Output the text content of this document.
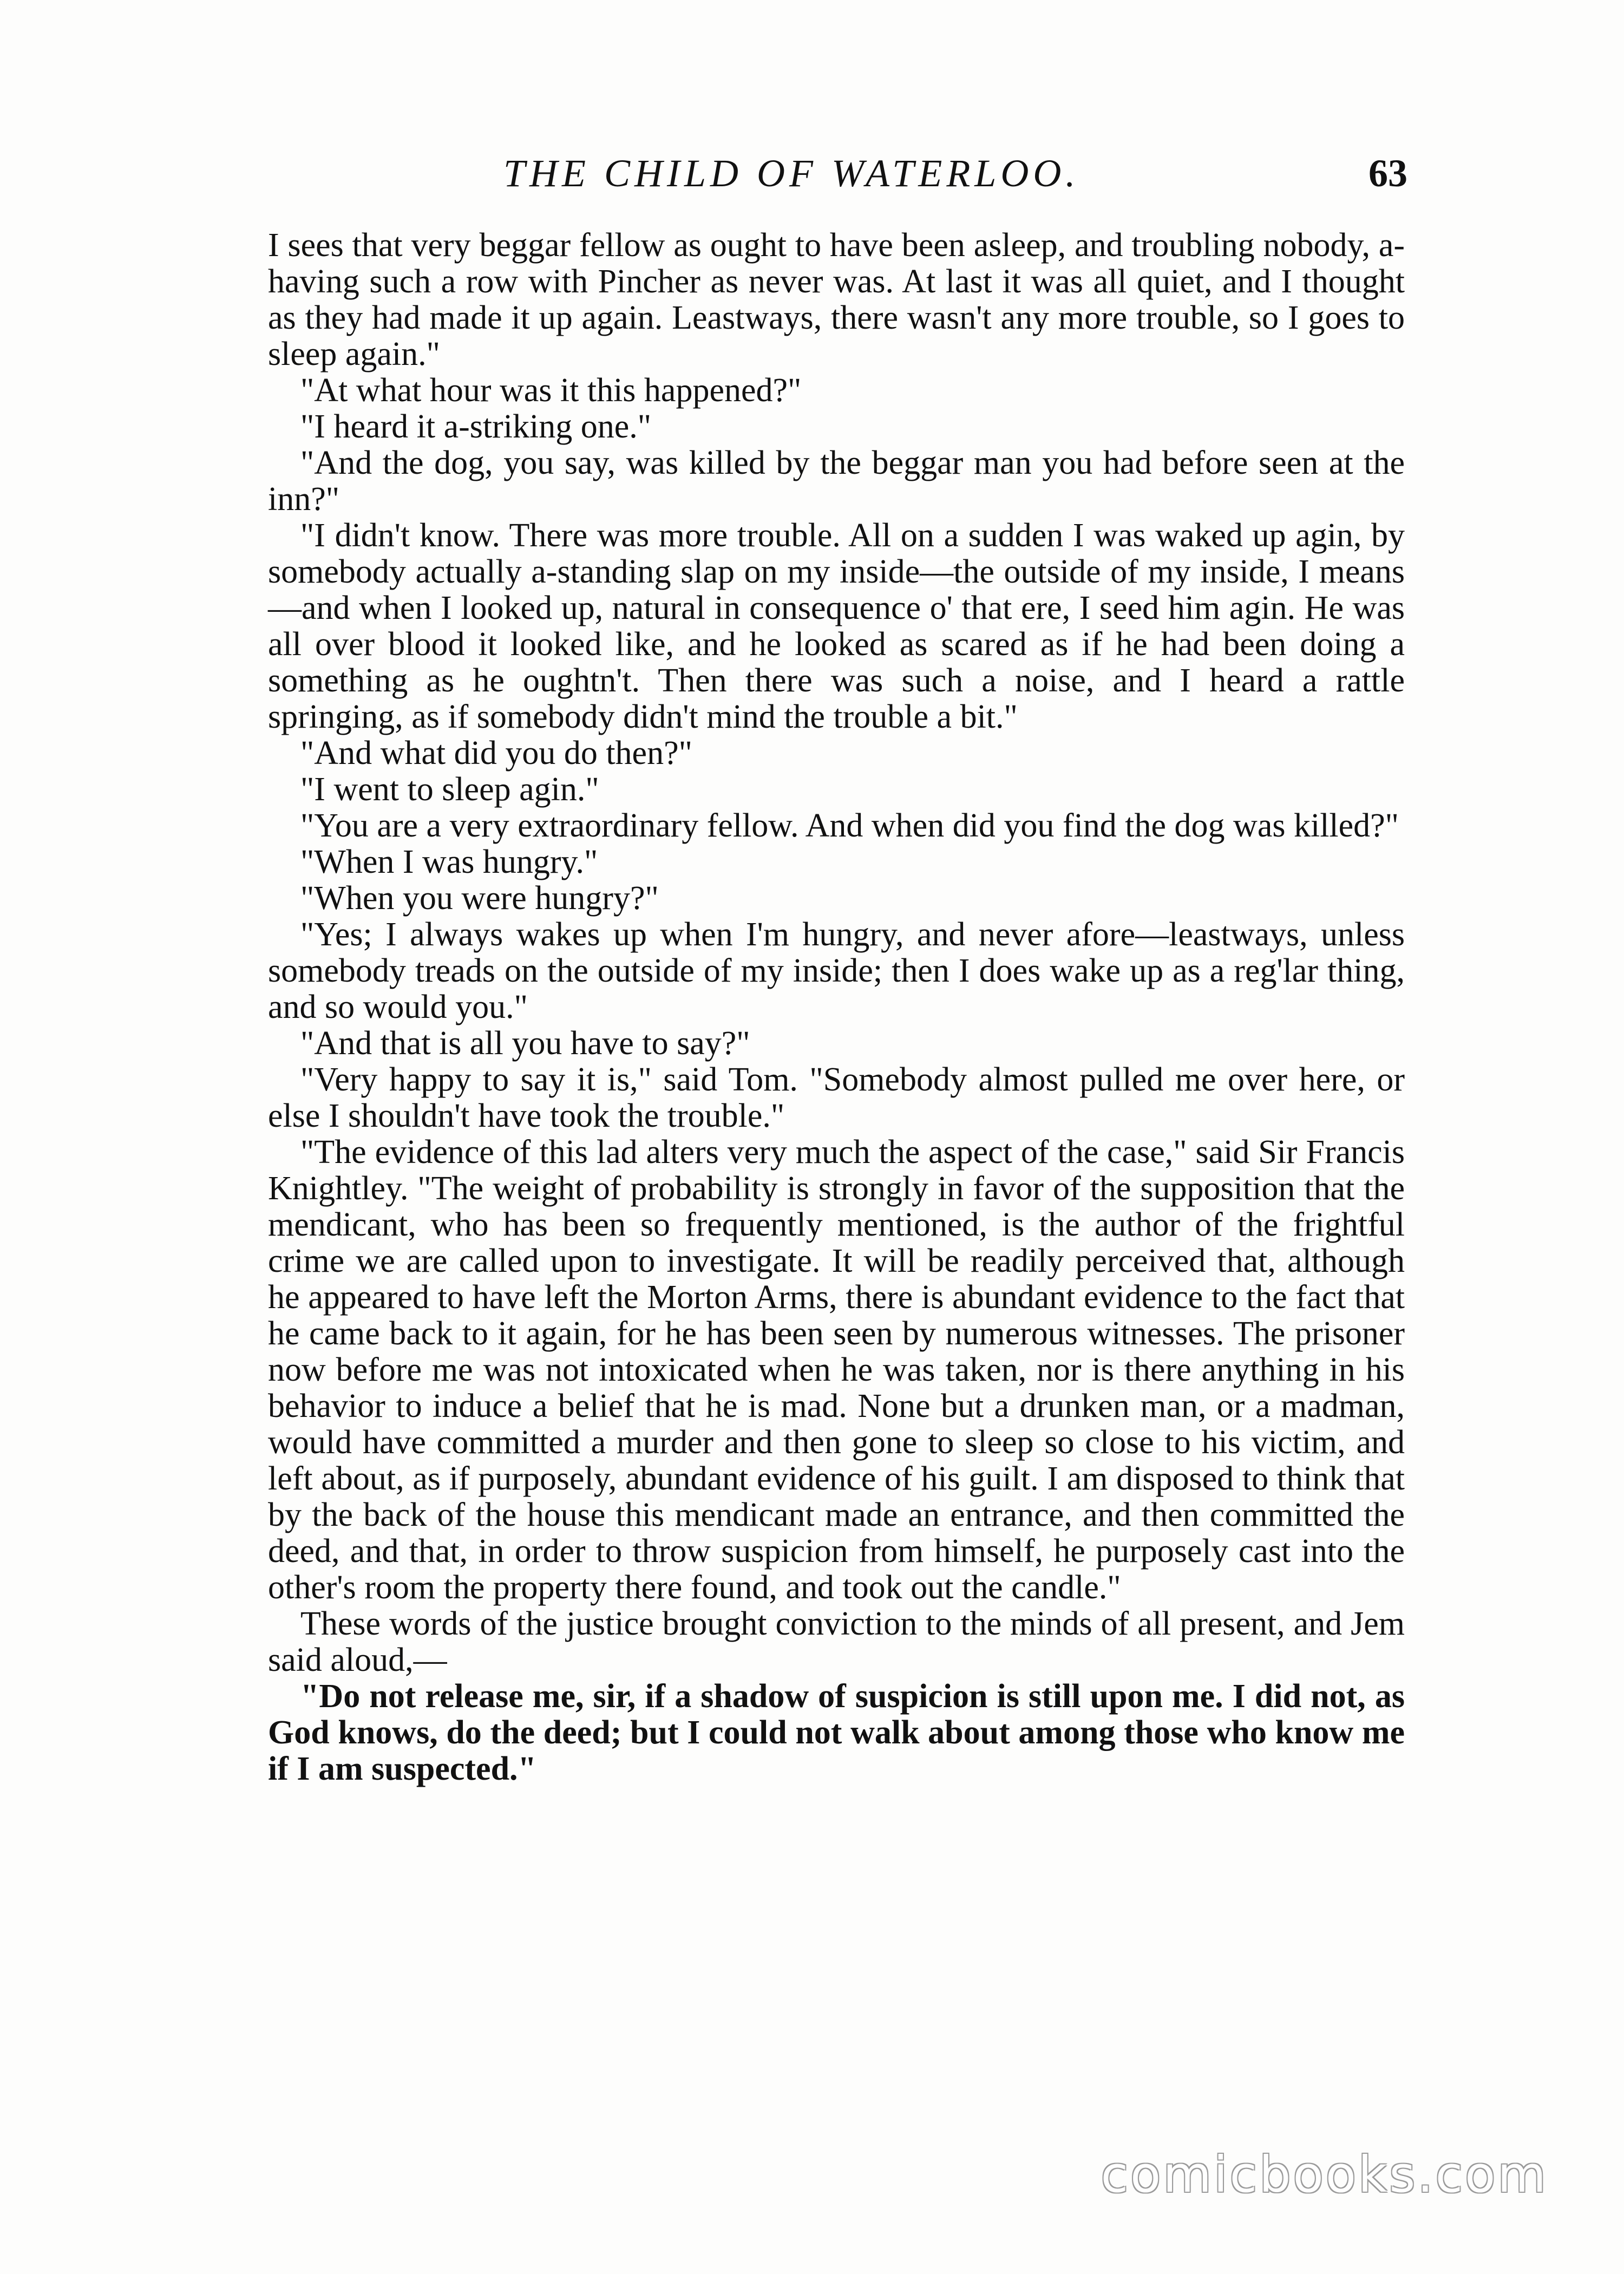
THE CHILD OF WATERLOO.	63

I sees that very beggar fellow as ought to have been asleep, and troubling nobody, a-having such a row with Pincher as never was. At last it was all quiet, and I thought as they had made it up again. Leastways, there wasn't any more trouble, so I goes to sleep again."

"At what hour was it this happened?"

"I heard it a-striking one."

"And the dog, you say, was killed by the beggar man you had before seen at the inn?"

"I didn't know. There was more trouble. All on a sudden I was waked up agin, by somebody actually a-standing slap on my inside—the outside of my inside, I means—and when I looked up, natural in consequence o' that ere, I seed him agin. He was all over blood it looked like, and he looked as scared as if he had been doing a something as he oughtn't. Then there was such a noise, and I heard a rattle springing, as if somebody didn't mind the trouble a bit."

"And what did you do then?"

"I went to sleep agin."

"You are a very extraordinary fellow. And when did you find the dog was killed?"

"When I was hungry."

"When you were hungry?"

"Yes; I always wakes up when I'm hungry, and never afore—leastways, unless somebody treads on the outside of my inside; then I does wake up as a reg'lar thing, and so would you."

"And that is all you have to say?"

"Very happy to say it is," said Tom. "Somebody almost pulled me over here, or else I shouldn't have took the trouble."

"The evidence of this lad alters very much the aspect of the case," said Sir Francis Knightley. "The weight of probability is strongly in favor of the supposition that the mendicant, who has been so frequently mentioned, is the author of the frightful crime we are called upon to investigate. It will be readily perceived that, although he appeared to have left the Morton Arms, there is abundant evidence to the fact that he came back to it again, for he has been seen by numerous witnesses. The prisoner now before me was not intoxicated when he was taken, nor is there anything in his behavior to induce a belief that he is mad. None but a drunken man, or a madman, would have committed a murder and then gone to sleep so close to his victim, and left about, as if purposely, abundant evidence of his guilt. I am disposed to think that by the back of the house this mendicant made an entrance, and then committed the deed, and that, in order to throw suspicion from himself, he purposely cast into the other's room the property there found, and took out the candle."

These words of the justice brought conviction to the minds of all present, and Jem said aloud,—

"Do not release me, sir, if a shadow of suspicion is still upon me. I did not, as God knows, do the deed; but I could not walk about among those who know me if I am suspected."

comicbooks.com
